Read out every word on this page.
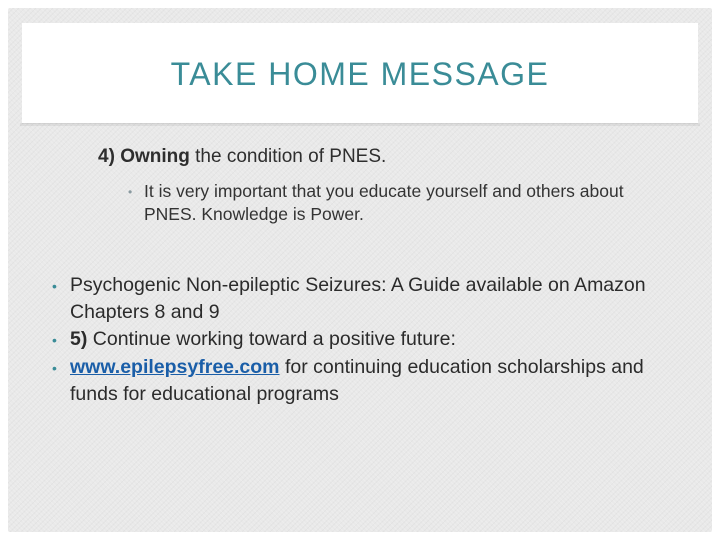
TAKE HOME MESSAGE
4) Owning the condition of PNES.
• It is very important that you educate yourself and others about PNES. Knowledge is Power.
• Psychogenic Non-epileptic Seizures: A Guide available on Amazon Chapters 8 and 9
• 5) Continue working toward a positive future:
• www.epilepsyfree.com for continuing education scholarships and funds for educational programs
